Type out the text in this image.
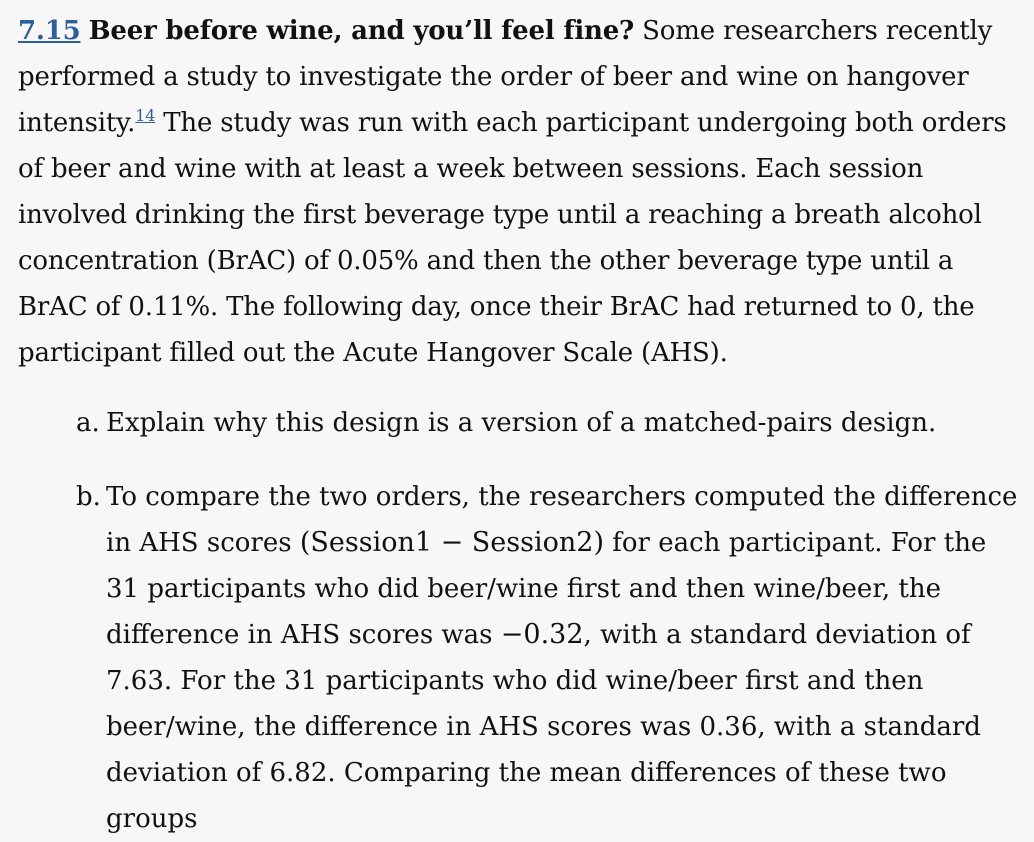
7.15 Beer before wine, and you’ll feel fine? Some researchers recently performed a study to investigate the order of beer and wine on hangover intensity.$^{14}$ The study was run with each participant undergoing both orders of beer and wine with at least a week between sessions. Each session involved drinking the first beverage type until a reaching a breath alcohol concentration (BrAC) of 0.05% and then the other beverage type until a BrAC of 0.11%. The following day, once their BrAC had returned to 0, the participant filled out the Acute Hangover Scale (AHS).

a. Explain why this design is a version of a matched-pairs design.
b. To compare the two orders, the researchers computed the difference in AHS scores (Session1 − Session2) for each participant. For the 31 participants who did beer/wine first and then wine/beer, the difference in AHS scores was −0.32, with a standard deviation of 7.63. For the 31 participants who did wine/beer first and then beer/wine, the difference in AHS scores was 0.36, with a standard deviation of 6.82. Comparing the mean differences of these two groups
